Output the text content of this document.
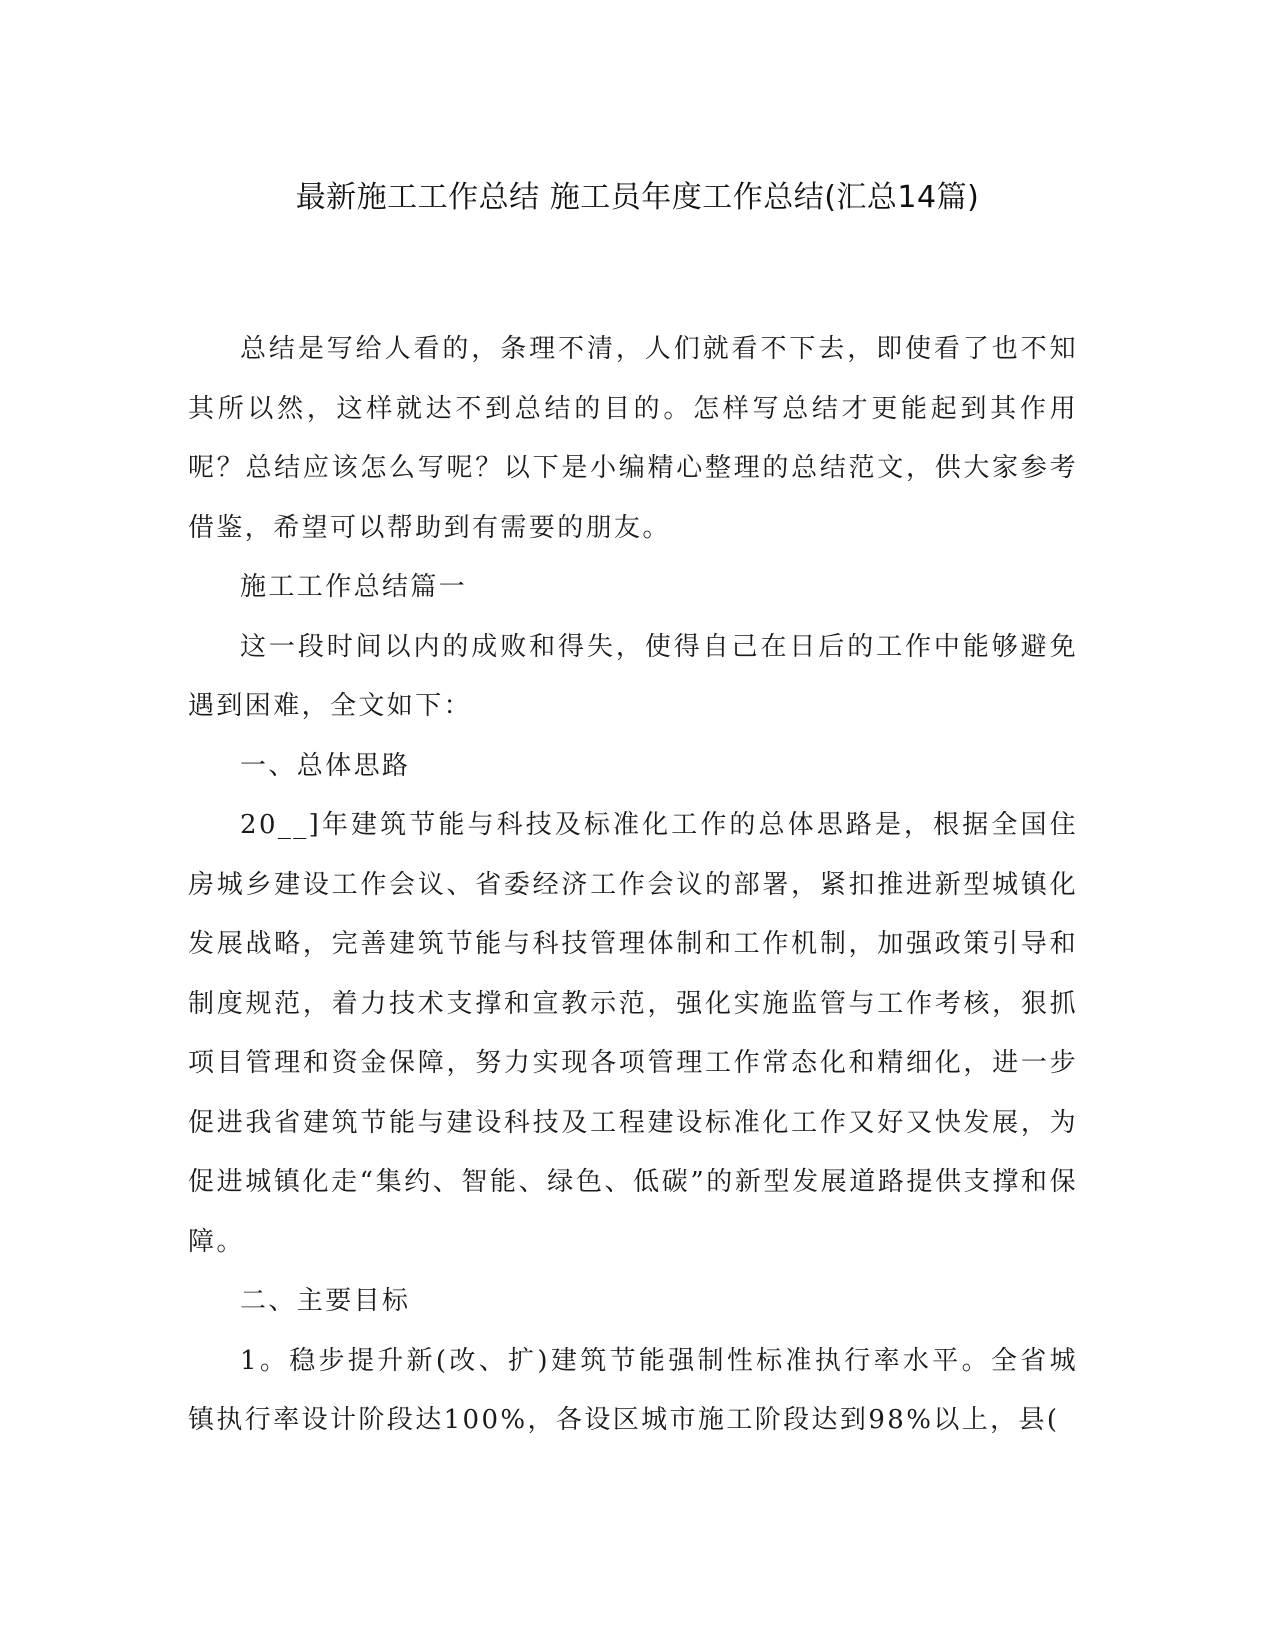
最新施工工作总结 施工员年度工作总结(汇总14篇)

总结是写给人看的，条理不清，人们就看不下去，即使看了也不知其所以然，这样就达不到总结的目的。怎样写总结才更能起到其作用呢？总结应该怎么写呢？以下是小编精心整理的总结范文，供大家参考借鉴，希望可以帮助到有需要的朋友。

施工工作总结篇一

这一段时间以内的成败和得失，使得自己在日后的工作中能够避免遇到困难，全文如下：

一、总体思路

20__]年建筑节能与科技及标准化工作的总体思路是，根据全国住房城乡建设工作会议、省委经济工作会议的部署，紧扣推进新型城镇化发展战略，完善建筑节能与科技管理体制和工作机制，加强政策引导和制度规范，着力技术支撑和宣教示范，强化实施监管与工作考核，狠抓项目管理和资金保障，努力实现各项管理工作常态化和精细化，进一步促进我省建筑节能与建设科技及工程建设标准化工作又好又快发展，为促进城镇化走“集约、智能、绿色、低碳”的新型发展道路提供支撑和保障。

二、主要目标

1。稳步提升新(改、扩)建筑节能强制性标准执行率水平。全省城镇执行率设计阶段达100%，各设区城市施工阶段达到98%以上，县(
